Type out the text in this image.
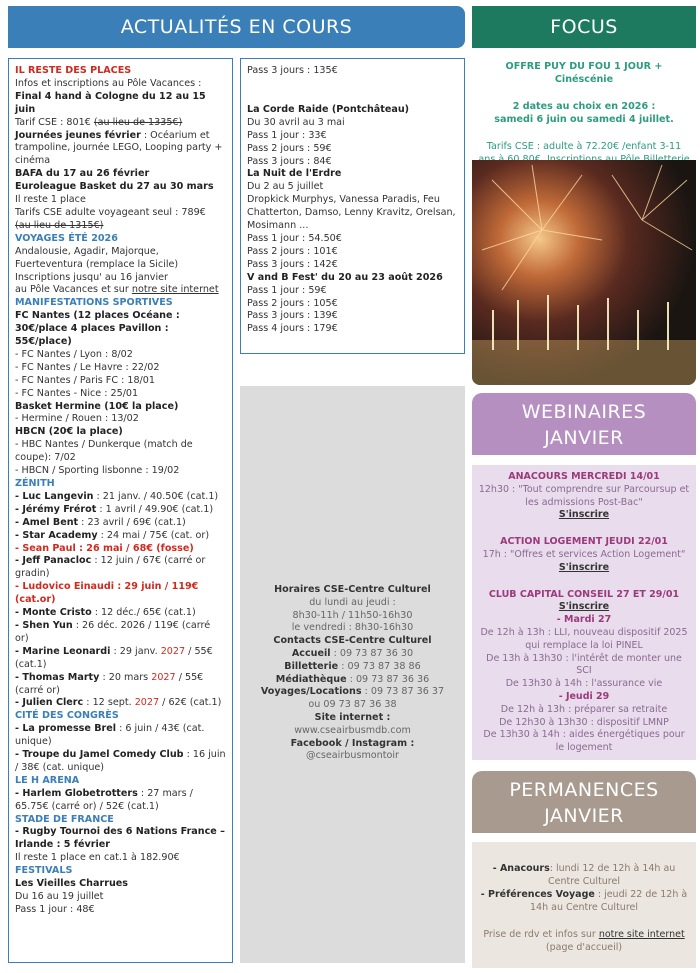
ACTUALITÉS EN COURS	FOCUS

IL RESTE DES PLACES

Infos et inscriptions au Pôle Vacances :

Final 4 hand à Cologne du 12 au 15 juin

Tarif CSE : 801€ (au lieu de 1335€)

Journées jeunes février : Océarium et trampoline, journée LEGO, Looping party + cinéma

BAFA du 17 au 26 février

Euroleague Basket du 27 au 30 mars

Il reste 1 place

Tarifs CSE adulte voyageant seul : 789€

(au lieu de 1315€)

VOYAGES ÉTÉ 2026

Andalousie, Agadir, Majorque, Fuerteventura (remplace la Sicile)

Inscriptions jusqu' au 16 janvier

au Pôle Vacances et sur notre site internet

MANIFESTATIONS SPORTIVES

FC Nantes (12 places Océane : 30€/place 4 places Pavillon : 55€/place)

- FC Nantes / Lyon : 8/02

- FC Nantes / Le Havre : 22/02

- FC Nantes / Paris FC : 18/01

- FC Nantes - Nice : 25/01

Basket Hermine (10€ la place)

- Hermine / Rouen : 13/02

HBCN (20€ la place)

- HBC Nantes / Dunkerque (match de coupe): 7/02

- HBCN / Sporting lisbonne : 19/02

ZÉNITH

- Luc Langevin : 21 janv. / 40.50€ (cat.1)

- Jérémy Frérot : 1 avril / 49.90€ (cat.1)

- Amel Bent : 23 avril / 69€ (cat.1)

- Star Academy : 24 mai / 75€ (cat. or)

- Sean Paul : 26 mai / 68€ (fosse)

- Jeff Panacloc : 12 juin / 67€ (carré or gradin)

- Ludovico Einaudi : 29 juin / 119€ (cat.or)

- Monte Cristo : 12 déc./ 65€ (cat.1)

- Shen Yun : 26 déc. 2026 / 119€ (carré or)

- Marine Leonardi : 29 janv. 2027 / 55€ (cat.1)

- Thomas Marty : 20 mars 2027 / 55€ (carré or)

- Julien Clerc : 12 sept. 2027 / 62€ (cat.1)

CITÉ DES CONGRÈS

- La promesse Brel : 6 juin / 43€ (cat. unique)

- Troupe du Jamel Comedy Club : 16 juin / 38€ (cat. unique)

LE H ARENA

- Harlem Globetrotters : 27 mars / 65.75€ (carré or) / 52€ (cat.1)

STADE DE FRANCE

- Rugby Tournoi des 6 Nations France – Irlande : 5 février

Il reste 1 place en cat.1 à 182.90€

FESTIVALS

Les Vieilles Charrues

Du 16 au 19 juillet

Pass 1 jour : 48€

Pass 3 jours : 135€

La Corde Raide (Pontchâteau)

Du 30 avril au 3 mai

Pass 1 jour : 33€

Pass 2 jours : 59€

Pass 3 jours : 84€

La Nuit de l'Erdre

Du 2 au 5 juillet

Dropkick Murphys, Vanessa Paradis, Feu Chatterton, Damso, Lenny Kravitz, Orelsan, Mosimann ...

Pass 1 jour : 54.50€

Pass 2 jours : 101€

Pass 3 jours : 142€

V and B Fest' du 20 au 23 août 2026

Pass 1 jour : 59€

Pass 2 jours : 105€

Pass 3 jours : 139€

Pass 4 jours : 179€

Horaires CSE-Centre Culturel

du lundi au jeudi :

8h30-11h / 11h50-16h30

le vendredi : 8h30-16h30

Contacts CSE-Centre Culturel

Accueil : 09 73 87 36 30

Billetterie : 09 73 87 38 86

Médiathèque : 09 73 87 36 36

Voyages/Locations : 09 73 87 36 37

ou 09 73 87 36 38

Site internet :

www.cseairbusmdb.com

Facebook / Instagram :

@cseairbusmontoir

OFFRE PUY DU FOU 1 JOUR + Cinéscénie

2 dates au choix en 2026 :

samedi 6 juin ou samedi 4 juillet.

Tarifs CSE : adulte à 72.20€ /enfant 3-11

WEBINAIRES
JANVIER

ANACOURS MERCREDI 14/01

12h30 : "Tout comprendre sur Parcoursup et les admissions Post-Bac"

S'inscrire

ACTION LOGEMENT JEUDI 22/01

17h : "Offres et services Action Logement"

S'inscrire

CLUB CAPITAL CONSEIL 27 ET 29/01

S'inscrire

- Mardi 27

De 12h à 13h : LLI, nouveau dispositif 2025 qui remplace la loi PINEL

De 13h à 13h30 : l'intérêt de monter une SCI

De 13h30 à 14h : l'assurance vie

- Jeudi 29

De 12h à 13h : préparer sa retraite

De 12h30 à 13h30 : dispositif LMNP

De 13h30 à 14h : aides énergétiques pour le logement

PERMANENCES
JANVIER

- Anacours: lundi 12 de 12h à 14h au Centre Culturel

- Préférences Voyage : jeudi 22 de 12h à 14h au Centre Culturel

Prise de rdv et infos sur notre site internet

(page d'accueil)
